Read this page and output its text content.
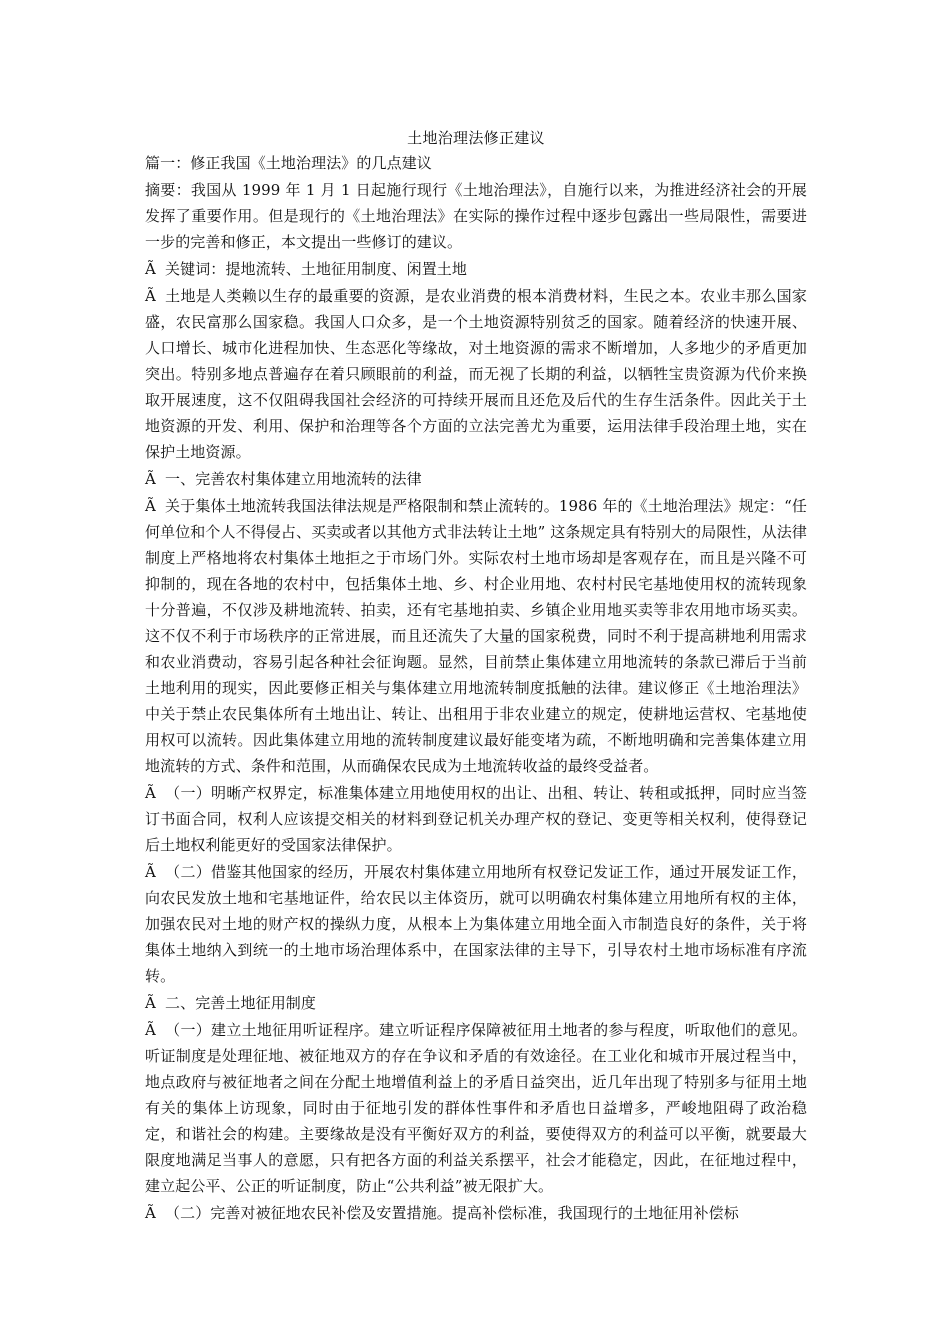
土地治理法修正建议

篇一：修正我国《土地治理法》的几点建议

摘要：我国从 1999 年 1 月 1 日起施行现行《土地治理法》，自施行以来，为推进经济社会的开展发挥了重要作用。但是现行的《土地治理法》在实际的操作过程中逐步包露出一些局限性，需要进一步的完善和修正，本文提出一些修订的建议。

Ã 关键词：提地流转、土地征用制度、闲置土地

Ã 土地是人类赖以生存的最重要的资源，是农业消费的根本消费材料，生民之本。农业丰那么国家盛，农民富那么国家稳。我国人口众多，是一个土地资源特别贫乏的国家。随着经济的快速开展、人口增长、城市化进程加快、生态恶化等缘故，对土地资源的需求不断增加，人多地少的矛盾更加突出。特别多地点普遍存在着只顾眼前的利益，而无视了长期的利益，以牺牲宝贵资源为代价来换取开展速度，这不仅阻碍我国社会经济的可持续开展而且还危及后代的生存生活条件。因此关于土地资源的开发、利用、保护和治理等各个方面的立法完善尤为重要，运用法律手段治理土地，实在保护土地资源。

Ã 一、完善农村集体建立用地流转的法律

Ã 关于集体土地流转我国法律法规是严格限制和禁止流转的。1986 年的《土地治理法》规定：“任何单位和个人不得侵占、买卖或者以其他方式非法转让土地” 这条规定具有特别大的局限性，从法律制度上严格地将农村集体土地拒之于市场门外。实际农村土地市场却是客观存在，而且是兴隆不可抑制的，现在各地的农村中，包括集体土地、乡、村企业用地、农村村民宅基地使用权的流转现象十分普遍，不仅涉及耕地流转、拍卖，还有宅基地拍卖、乡镇企业用地买卖等非农用地市场买卖。这不仅不利于市场秩序的正常进展，而且还流失了大量的国家税费，同时不利于提高耕地利用需求和农业消费动，容易引起各种社会征询题。显然，目前禁止集体建立用地流转的条款已滞后于当前土地利用的现实，因此要修正相关与集体建立用地流转制度抵触的法律。建议修正《土地治理法》中关于禁止农民集体所有土地出让、转让、出租用于非农业建立的规定，使耕地运营权、宅基地使用权可以流转。因此集体建立用地的流转制度建议最好能变堵为疏，不断地明确和完善集体建立用地流转的方式、条件和范围，从而确保农民成为土地流转收益的最终受益者。

Ã （一）明晰产权界定，标准集体建立用地使用权的出让、出租、转让、转租或抵押，同时应当签订书面合同，权利人应该提交相关的材料到登记机关办理产权的登记、变更等相关权利，使得登记后土地权利能更好的受国家法律保护。

Ã （二）借鉴其他国家的经历，开展农村集体建立用地所有权登记发证工作，通过开展发证工作，向农民发放土地和宅基地证件，给农民以主体资历，就可以明确农村集体建立用地所有权的主体，加强农民对土地的财产权的操纵力度，从根本上为集体建立用地全面入市制造良好的条件，关于将集体土地纳入到统一的土地市场治理体系中，在国家法律的主导下，引导农村土地市场标准有序流转。

Ã 二、完善土地征用制度

Ã （一）建立土地征用听证程序。建立听证程序保障被征用土地者的参与程度，听取他们的意见。听证制度是处理征地、被征地双方的存在争议和矛盾的有效途径。在工业化和城市开展过程当中，地点政府与被征地者之间在分配土地增值利益上的矛盾日益突出，近几年出现了特别多与征用土地有关的集体上访现象，同时由于征地引发的群体性事件和矛盾也日益增多，严峻地阻碍了政治稳定，和谐社会的构建。主要缘故是没有平衡好双方的利益，要使得双方的利益可以平衡，就要最大限度地满足当事人的意愿，只有把各方面的利益关系摆平，社会才能稳定，因此，在征地过程中，建立起公平、公正的听证制度，防止“公共利益”被无限扩大。

Ã （二）完善对被征地农民补偿及安置措施。提高补偿标准，我国现行的土地征用补偿标
